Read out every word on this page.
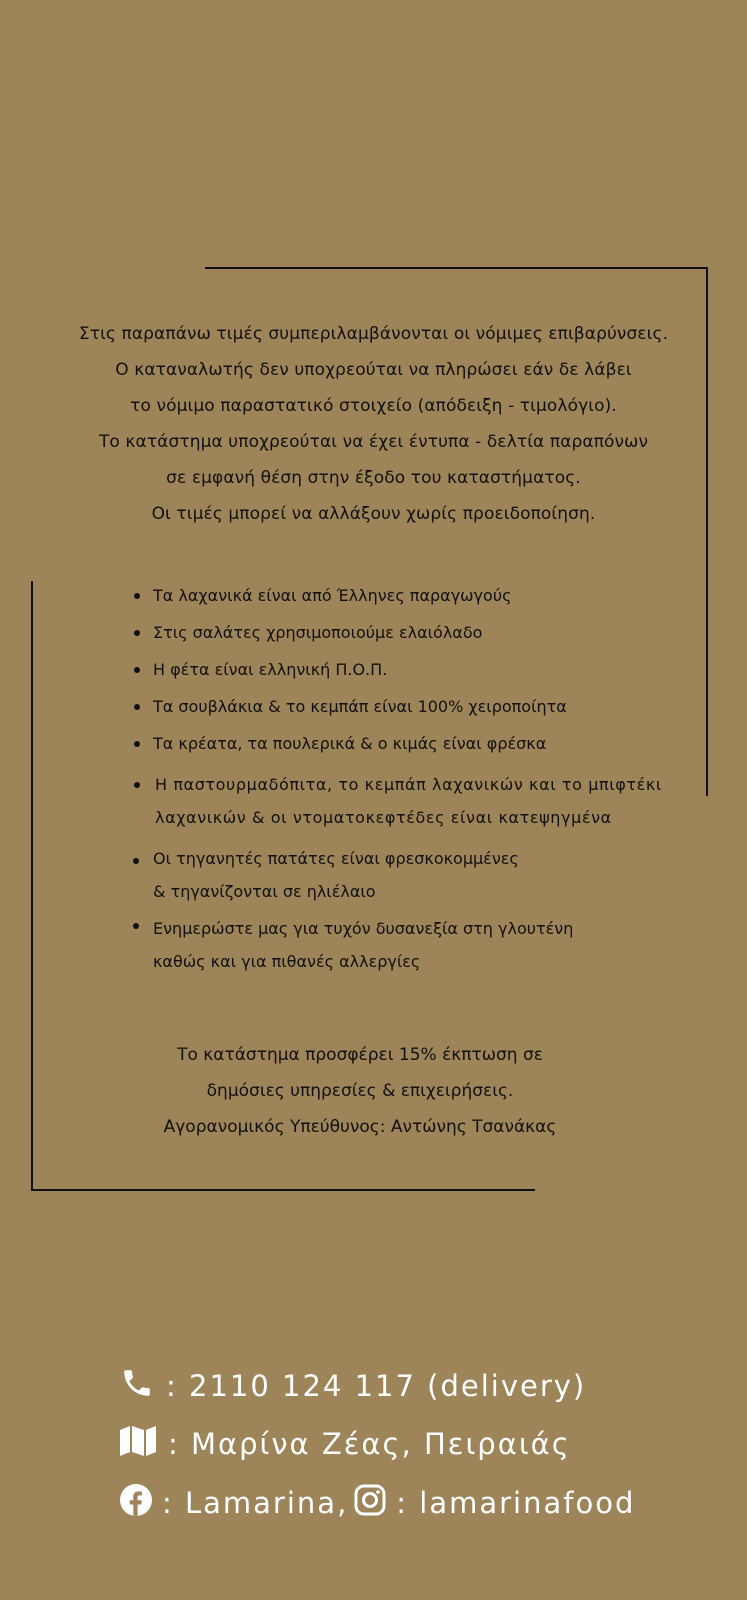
Στις παραπάνω τιμές συμπεριλαμβάνονται οι νόμιμες επιβαρύνσεις.
Ο καταναλωτής δεν υποχρεούται να πληρώσει εάν δε λάβει
το νόμιμο παραστατικό στοιχείο (απόδειξη - τιμολόγιο).
Το κατάστημα υποχρεούται να έχει έντυπα - δελτία παραπόνων
σε εμφανή θέση στην έξοδο του καταστήματος.
Οι τιμές μπορεί να αλλάξουν χωρίς προειδοποίηση.
Τα λαχανικά είναι από Έλληνες παραγωγούς
Στις σαλάτες χρησιμοποιούμε ελαιόλαδο
Η φέτα είναι ελληνική Π.Ο.Π.
Τα σουβλάκια & το κεμπάπ είναι 100% χειροποίητα
Τα κρέατα, τα πουλερικά & ο κιμάς είναι φρέσκα
Η παστουρμαδόπιτα, το κεμπάπ λαχανικών και το μπιφτέκι
λαχανικών & οι ντοματοκεφτέδες είναι κατεψηγμένα
Οι τηγανητές πατάτες είναι φρεσκοκομμένες
& τηγανίζονται σε ηλιέλαιο
Ενημερώστε μας για τυχόν δυσανεξία στη γλουτένη
καθώς και για πιθανές αλλεργίες
Το κατάστημα προσφέρει 15% έκπτωση σε
δημόσιες υπηρεσίες & επιχειρήσεις.
Αγορανομικός Υπεύθυνος: Αντώνης Τσανάκας
: 2110 124 117 (delivery)
: Μαρίνα Ζέας, Πειραιάς
: Lamarina, : lamarinafood
